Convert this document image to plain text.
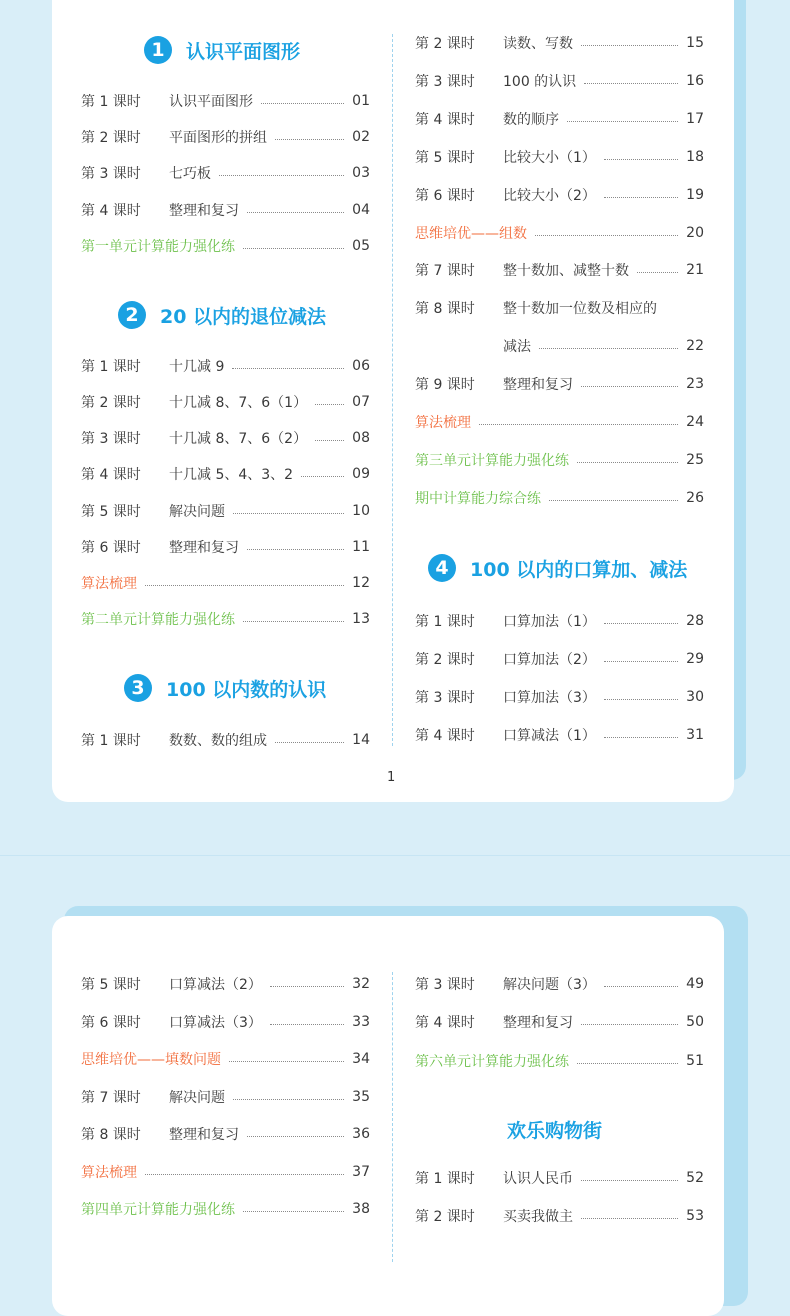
1	认识平面图形
第 1 课时	认识平面图形	01
第 2 课时	平面图形的拼组	02
第 3 课时	七巧板	03
第 4 课时	整理和复习	04
第一单元计算能力强化练	05
2	20 以内的退位减法
第 1 课时	十几减 9	06
第 2 课时	十几减 8、7、6（1）	07
第 3 课时	十几减 8、7、6（2）	08
第 4 课时	十几减 5、4、3、2	09
第 5 课时	解决问题	10
第 6 课时	整理和复习	11
算法梳理	12
第二单元计算能力强化练	13
3	100 以内数的认识
第 1 课时	数数、数的组成	14
第 2 课时	读数、写数	15
第 3 课时	100 的认识	16
第 4 课时	数的顺序	17
第 5 课时	比较大小（1）	18
第 6 课时	比较大小（2）	19
思维培优——组数	20
第 7 课时	整十数加、减整十数	21
第 8 课时	整十数加一位数及相应的
减法	22
第 9 课时	整理和复习	23
算法梳理	24
第三单元计算能力强化练	25
期中计算能力综合练	26
4	100 以内的口算加、减法
第 1 课时	口算加法（1）	28
第 2 课时	口算加法（2）	29
第 3 课时	口算加法（3）	30
第 4 课时	口算减法（1）	31
1
第 5 课时	口算减法（2）	32
第 6 课时	口算减法（3）	33
思维培优——填数问题	34
第 7 课时	解决问题	35
第 8 课时	整理和复习	36
算法梳理	37
第四单元计算能力强化练	38
第 3 课时	解决问题（3）	49
第 4 课时	整理和复习	50
第六单元计算能力强化练	51
欢乐购物街
第 1 课时	认识人民币	52
第 2 课时	买卖我做主	53
